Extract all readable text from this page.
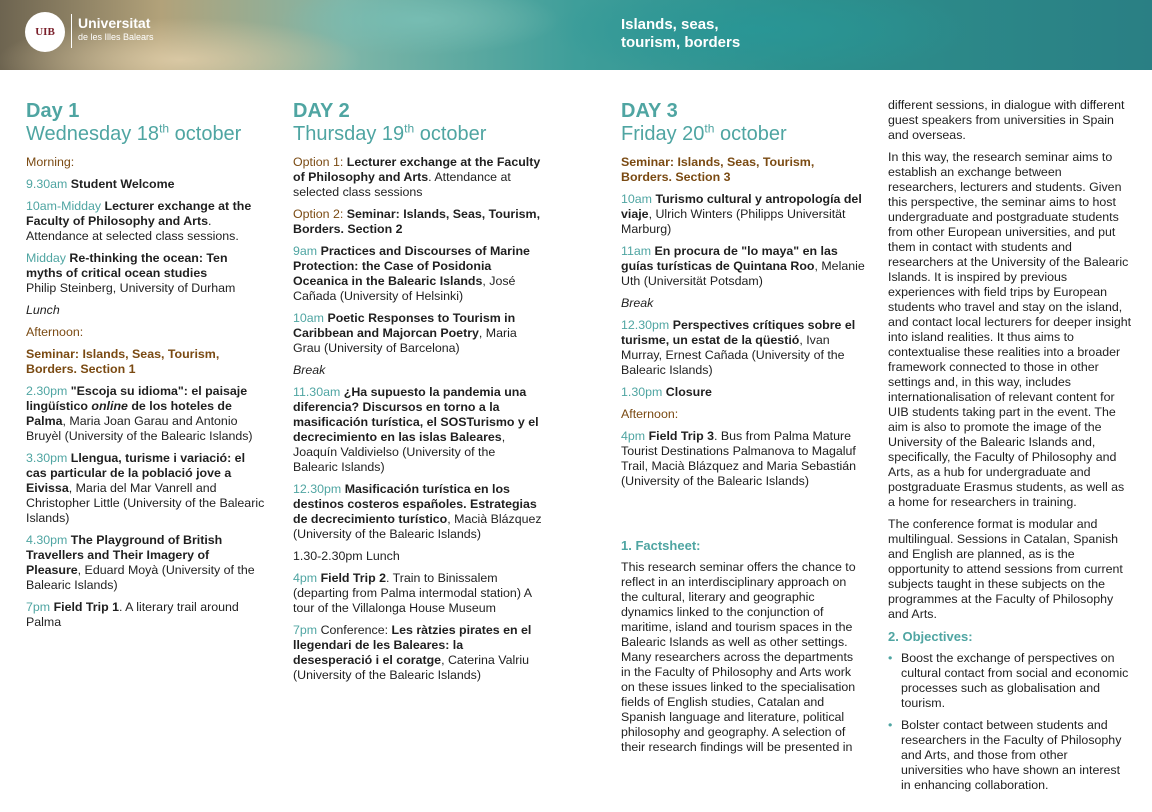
UIB
Universitat
de les Illes Balears
Islands, seas,
tourism, borders
Day 1
Wednesday 18th october

Morning:

9.30am Student Welcome

10am-Midday Lecturer exchange at the Faculty of Philosophy and Arts. Attendance at selected class sessions.

Midday Re-thinking the ocean: Ten myths of critical ocean studies
Philip Steinberg, University of Durham

Lunch

Afternoon:

Seminar: Islands, Seas, Tourism, Borders. Section 1

2.30pm "Escoja su idioma": el paisaje lingüístico online de los hoteles de Palma, Maria Joan Garau and Antonio Bruyèl (University of the Balearic Islands)

3.30pm Llengua, turisme i variació: el cas particular de la població jove a Eivissa, Maria del Mar Vanrell and Christopher Little (University of the Balearic Islands)

4.30pm The Playground of British Travellers and Their Imagery of Pleasure, Eduard Moyà (University of the Balearic Islands)

7pm Field Trip 1. A literary trail around Palma

DAY 2
Thursday 19th october

Option 1: Lecturer exchange at the Faculty of Philosophy and Arts. Attendance at selected class sessions

Option 2: Seminar: Islands, Seas, Tourism, Borders. Section 2

9am Practices and Discourses of Marine Protection: the Case of Posidonia Oceanica in the Balearic Islands, José Cañada (University of Helsinki)

10am Poetic Responses to Tourism in Caribbean and Majorcan Poetry, Maria Grau (University of Barcelona)

Break

11.30am ¿Ha supuesto la pandemia una diferencia? Discursos en torno a la masificación turística, el SOSTurismo y el decrecimiento en las islas Baleares, Joaquín Valdivielso (University of the Balearic Islands)

12.30pm Masificación turística en los destinos costeros españoles. Estrategias de decrecimiento turístico, Macià Blázquez (University of the Balearic Islands)

1.30-2.30pm Lunch

4pm Field Trip 2. Train to Binissalem (departing from Palma intermodal station) A tour of the Villalonga House Museum

7pm Conference: Les ràtzies pirates en el llegendari de les Baleares: la desesperació i el coratge, Caterina Valriu (University of the Balearic Islands)

DAY 3
Friday 20th october

Seminar: Islands, Seas, Tourism, Borders. Section 3

10am Turismo cultural y antropología del viaje, Ulrich Winters (Philipps Universität Marburg)

11am En procura de "lo maya" en las guías turísticas de Quintana Roo, Melanie Uth (Universität Potsdam)

Break

12.30pm Perspectives crítiques sobre el turisme, un estat de la qüestió, Ivan Murray, Ernest Cañada (University of the Balearic Islands)

1.30pm Closure

Afternoon:

4pm Field Trip 3. Bus from Palma Mature Tourist Destinations Palmanova to Magaluf Trail, Macià Blázquez and Maria Sebastián (University of the Balearic Islands)

1. Factsheet:

This research seminar offers the chance to reflect in an interdisciplinary approach on the cultural, literary and geographic dynamics linked to the conjunction of maritime, island and tourism spaces in the Balearic Islands as well as other settings. Many researchers across the departments in the Faculty of Philosophy and Arts work on these issues linked to the specialisation fields of English studies, Catalan and Spanish language and literature, political philosophy and geography. A selection of their research findings will be presented in

different sessions, in dialogue with different guest speakers from universities in Spain and overseas.

In this way, the research seminar aims to establish an exchange between researchers, lecturers and students. Given this perspective, the seminar aims to host undergraduate and postgraduate students from other European universities, and put them in contact with students and researchers at the University of the Balearic Islands. It is inspired by previous experiences with field trips by European students who travel and stay on the island, and contact local lecturers for deeper insight into island realities. It thus aims to contextualise these realities into a broader framework connected to those in other settings and, in this way, includes internationalisation of relevant content for UIB students taking part in the event. The aim is also to promote the image of the University of the Balearic Islands and, specifically, the Faculty of Philosophy and Arts, as a hub for undergraduate and postgraduate Erasmus students, as well as a home for researchers in training.

The conference format is modular and multilingual. Sessions in Catalan, Spanish and English are planned, as is the opportunity to attend sessions from current subjects taught in these subjects on the programmes at the Faculty of Philosophy and Arts.

2. Objectives:

• Boost the exchange of perspectives on cultural contact from social and economic processes such as globalisation and tourism.
• Bolster contact between students and researchers in the Faculty of Philosophy and Arts, and those from other universities who have shown an interest in enhancing collaboration.
